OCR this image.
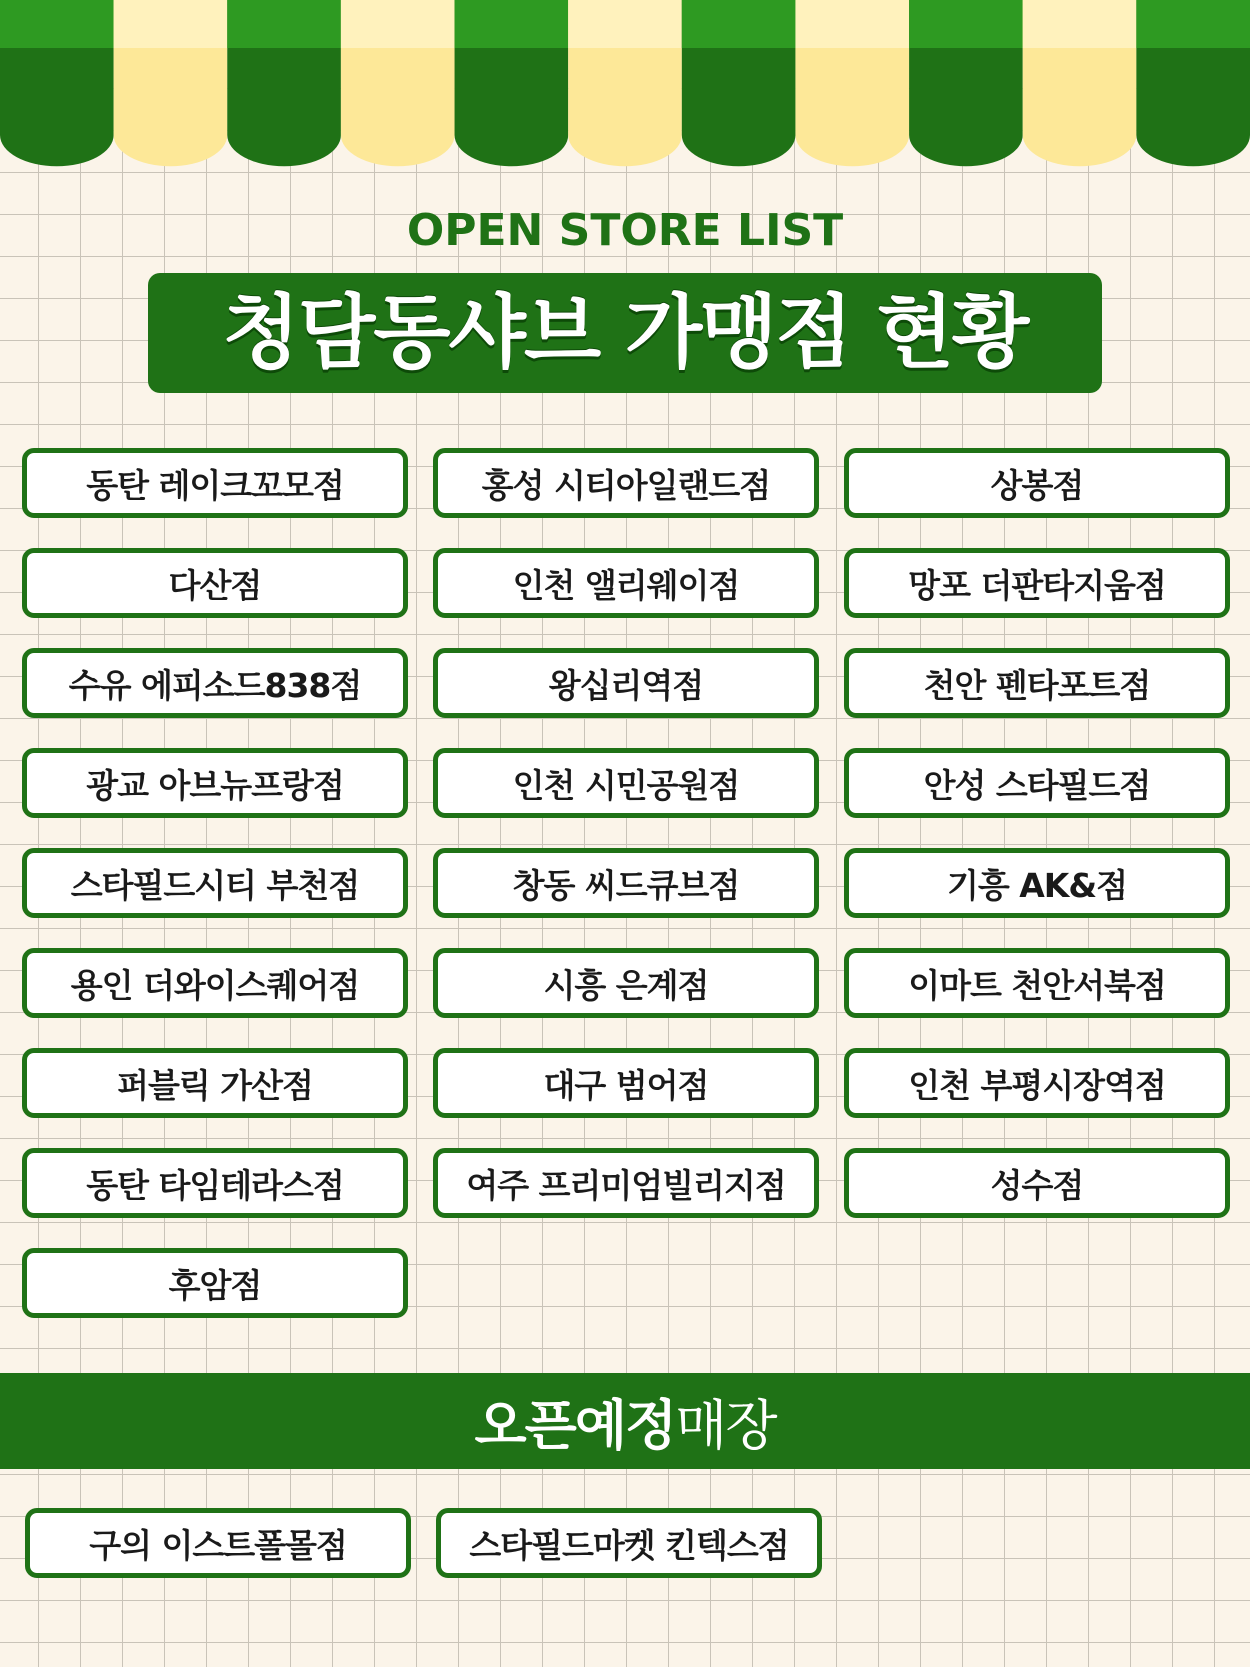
OPEN STORE LIST
청담동샤브 가맹점 현황
동탄 레이크꼬모점	홍성 시티아일랜드점	상봉점
다산점	인천 앨리웨이점	망포 더판타지움점
수유 에피소드838점	왕십리역점	천안 펜타포트점
광교 아브뉴프랑점	인천 시민공원점	안성 스타필드점
스타필드시티 부천점	창동 씨드큐브점	기흥 AK&점
용인 더와이스퀘어점	시흥 은계점	이마트 천안서북점
퍼블릭 가산점	대구 범어점	인천 부평시장역점
동탄 타임테라스점	여주 프리미엄빌리지점	성수점
후암점
오픈예정 매장
구의 이스트폴몰점	스타필드마켓 킨텍스점
